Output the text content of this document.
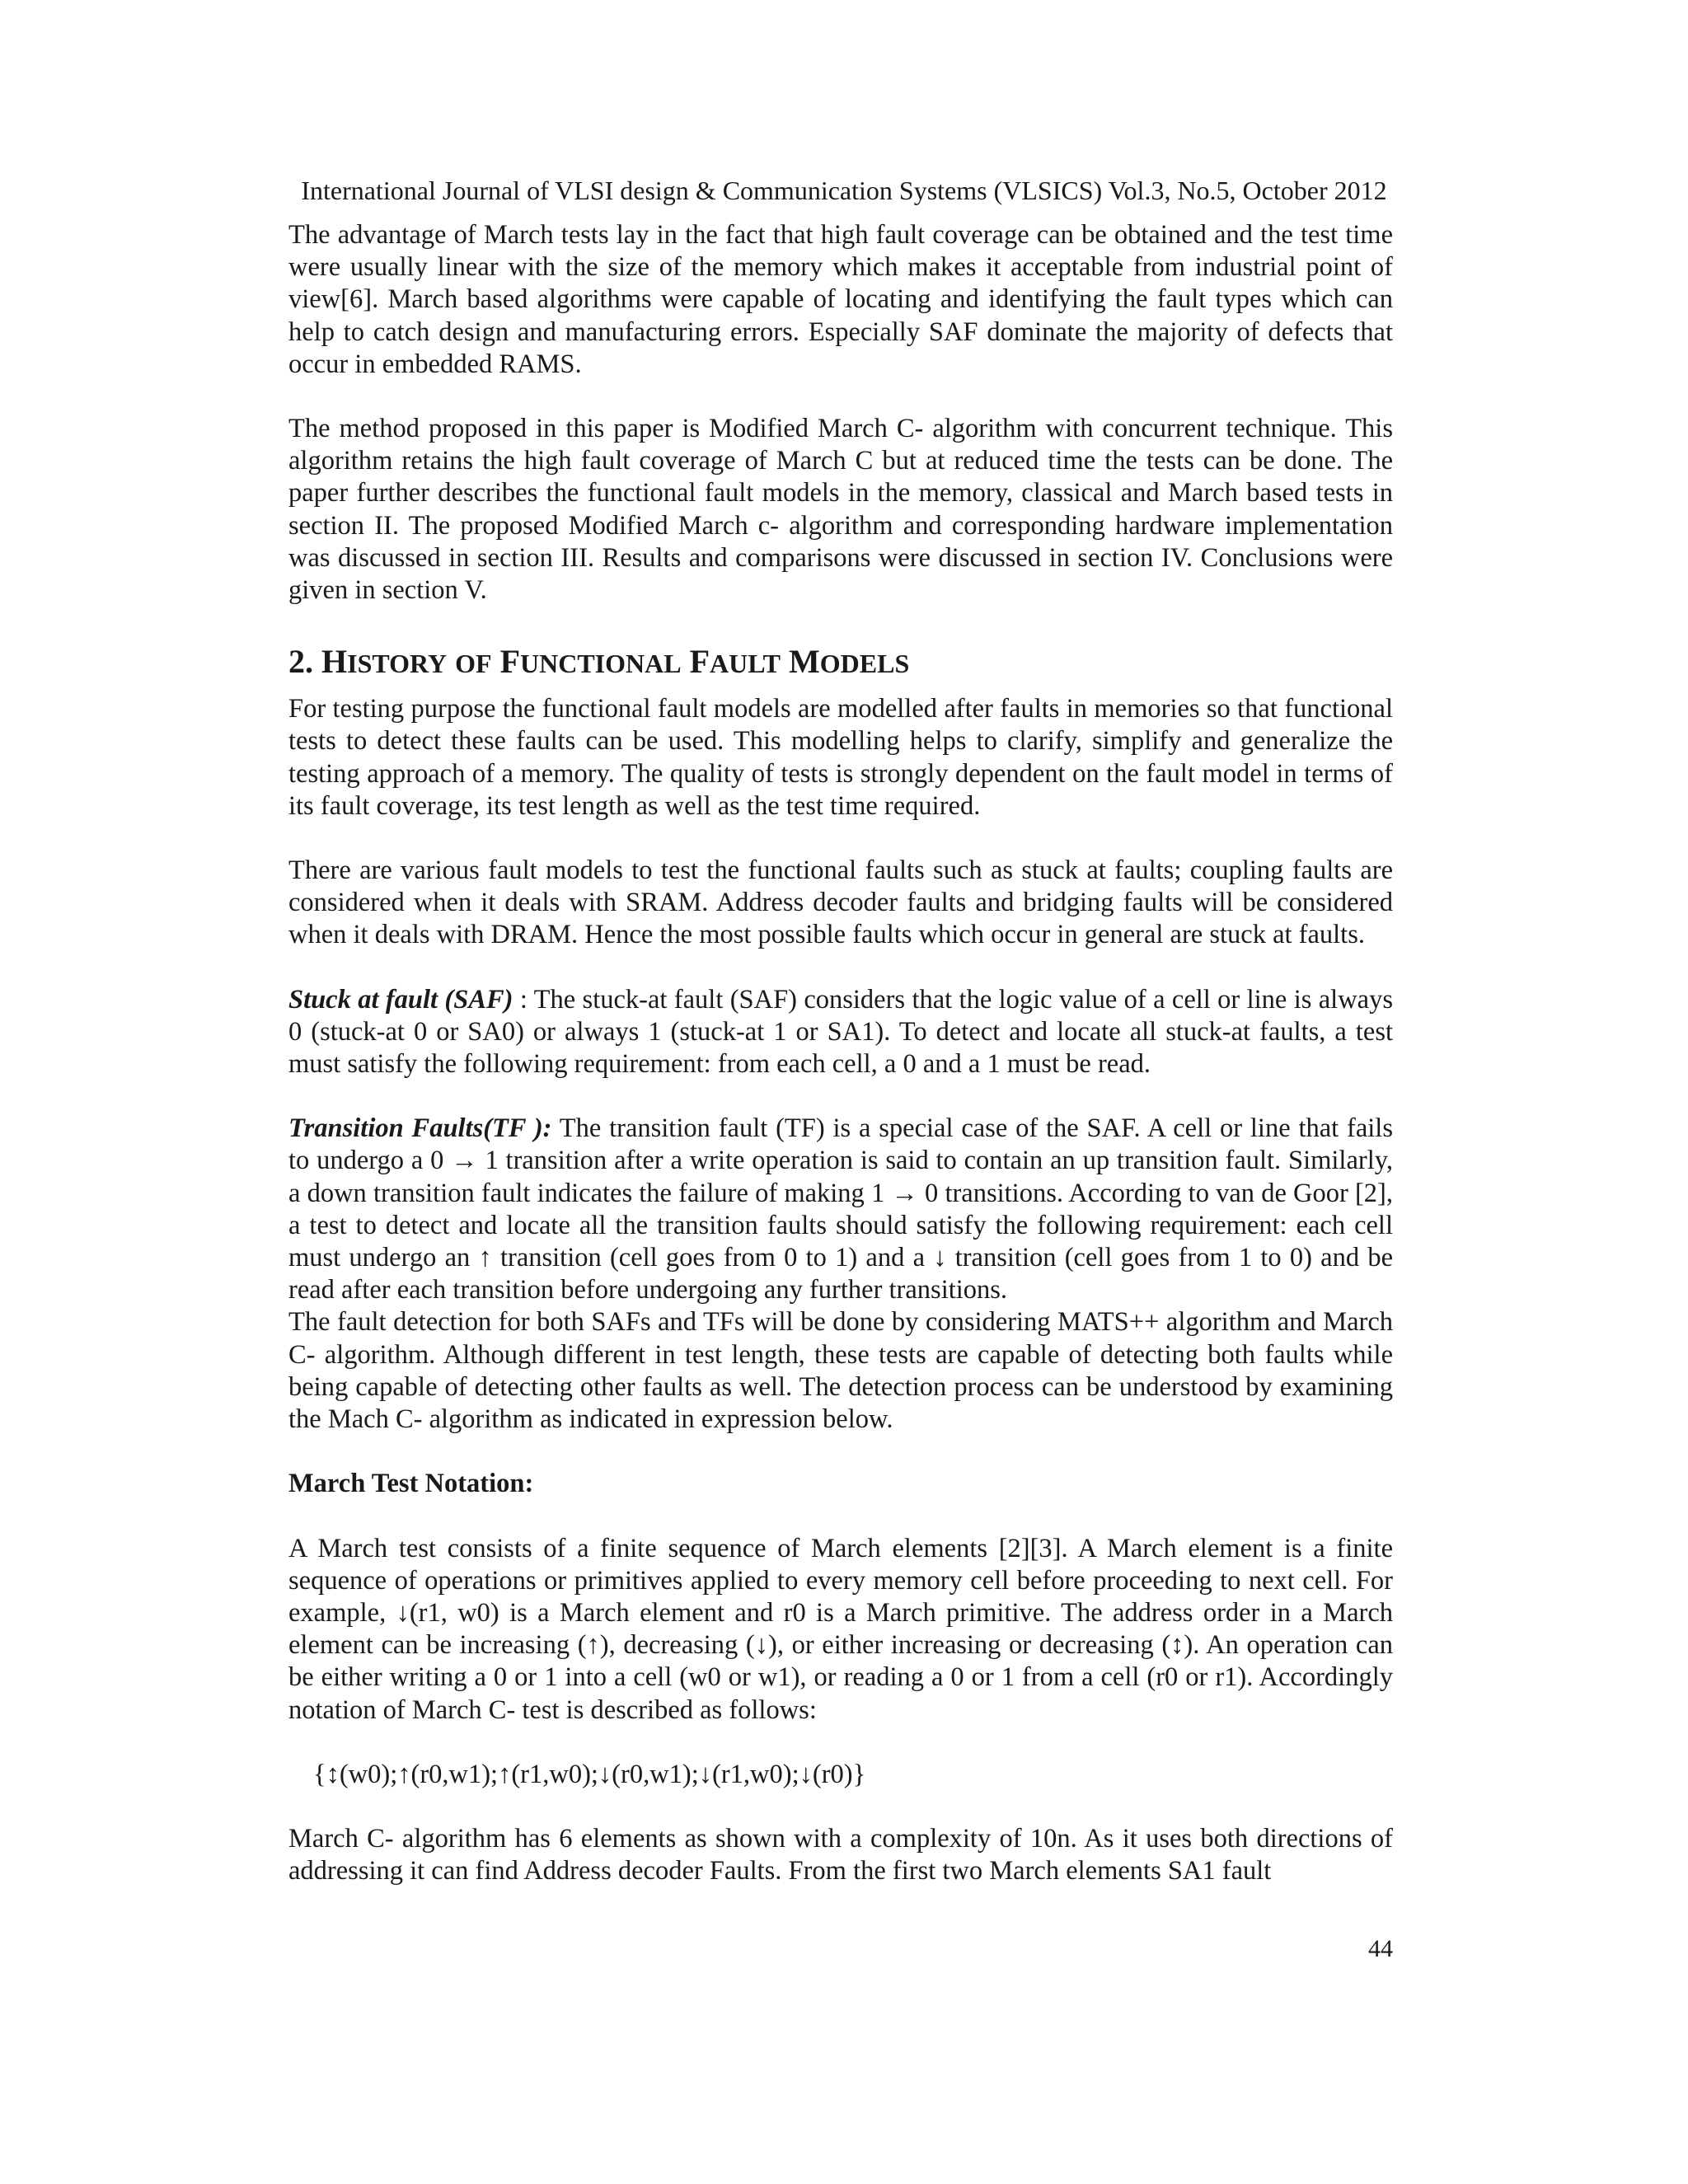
International Journal of VLSI design & Communication Systems (VLSICS) Vol.3, No.5, October 2012

The advantage of March tests lay in the fact that high fault coverage can be obtained and the test time were usually linear with the size of the memory which makes it acceptable from industrial point of view[6]. March based algorithms were capable of locating and identifying the fault types which can help to catch design and manufacturing errors. Especially SAF dominate the majority of defects that occur in embedded RAMS.

The method proposed in this paper is Modified March C- algorithm with concurrent technique. This algorithm retains the high fault coverage of March C but at reduced time the tests can be done. The paper further describes the functional fault models in the memory, classical and March based tests in section II. The proposed Modified March c- algorithm and corresponding hardware implementation was discussed in section III. Results and comparisons were discussed in section IV. Conclusions were given in section V.

2. HISTORY OF FUNCTIONAL FAULT MODELS

For testing purpose the functional fault models are modelled after faults in memories so that functional tests to detect these faults can be used. This modelling helps to clarify, simplify and generalize the testing approach of a memory. The quality of tests is strongly dependent on the fault model in terms of its fault coverage, its test length as well as the test time required.

There are various fault models to test the functional faults such as stuck at faults; coupling faults are considered when it deals with SRAM. Address decoder faults and bridging faults will be considered when it deals with DRAM. Hence the most possible faults which occur in general are stuck at faults.

Stuck at fault (SAF) : The stuck-at fault (SAF) considers that the logic value of a cell or line is always 0 (stuck-at 0 or SA0) or always 1 (stuck-at 1 or SA1). To detect and locate all stuck-at faults, a test must satisfy the following requirement: from each cell, a 0 and a 1 must be read.

Transition Faults(TF ): The transition fault (TF) is a special case of the SAF. A cell or line that fails to undergo a 0 → 1 transition after a write operation is said to contain an up transition fault. Similarly, a down transition fault indicates the failure of making 1 → 0 transitions. According to van de Goor [2], a test to detect and locate all the transition faults should satisfy the following requirement: each cell must undergo an ↑ transition (cell goes from 0 to 1) and a ↓ transition (cell goes from 1 to 0) and be read after each transition before undergoing any further transitions.

The fault detection for both SAFs and TFs will be done by considering MATS++ algorithm and March C- algorithm. Although different in test length, these tests are capable of detecting both faults while being capable of detecting other faults as well. The detection process can be understood by examining the Mach C- algorithm as indicated in expression below.

March Test Notation:

A March test consists of a finite sequence of March elements [2][3]. A March element is a finite sequence of operations or primitives applied to every memory cell before proceeding to next cell. For example, ↓(r1, w0) is a March element and r0 is a March primitive. The address order in a March element can be increasing (↑), decreasing (↓), or either increasing or decreasing (↕). An operation can be either writing a 0 or 1 into a cell (w0 or w1), or reading a 0 or 1 from a cell (r0 or r1). Accordingly notation of March C- test is described as follows:

{↕(w0);↑(r0,w1);↑(r1,w0);↓(r0,w1);↓(r1,w0);↓(r0)}

March C- algorithm has 6 elements as shown with a complexity of 10n. As it uses both directions of addressing it can find Address decoder Faults. From the first two March elements SA1 fault

44
